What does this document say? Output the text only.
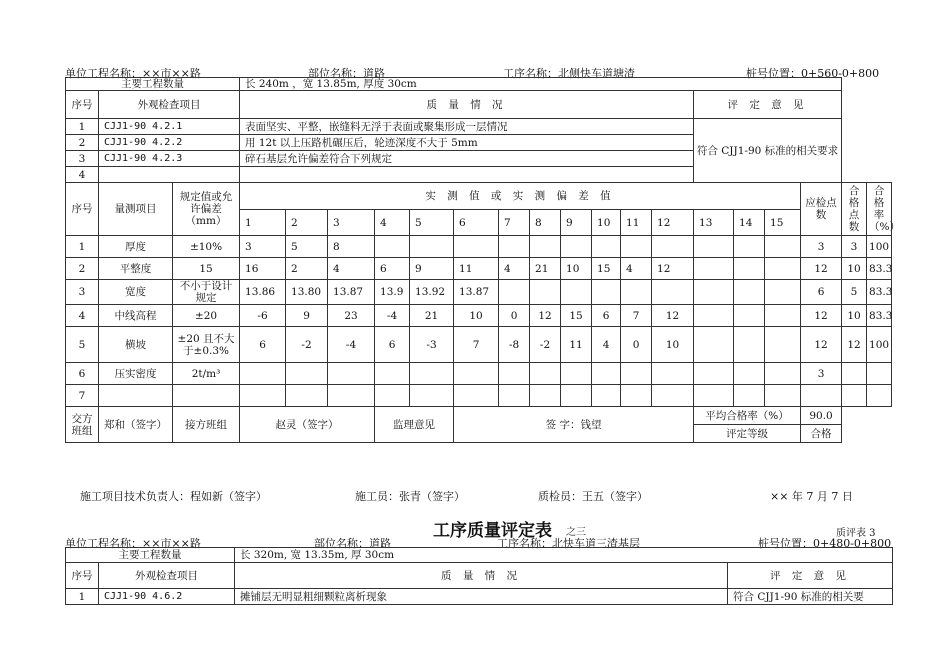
单位工程名称：××市××路	部位名称：道路	工序名称：北侧快车道塘渣	桩号位置：0+560-0+800
主要工程数量			长 240m ，宽 13.85m, 厚度 30cm																	
序号	外观检查项目		质 量 情 况												评 定 意 见					
1	CJJ1-90 4.2.1		表面坚实、平整，嵌缝料无浮于表面或聚集形成一层情况												符合 CJJ1-90 标准的相关要求					
2	CJJ1-90 4.2.2		用 12t 以上压路机碾压后，轮迹深度不大于 5mm																	
3	CJJ1-90 4.2.3		碎石基层允许偏差符合下列规定																	
4																				
序号	量测项目	规定值或允许偏差（mm）	实 测 值 或 实 测 偏 差 值															应检点数	合格点数	合格率（%）
			1	2	3	4	5	6	7	8	9	10	11	12	13	14	15			
1	厚度	±10%	3	5	8													3	3	100
2	平整度	15	16	2	4	6	9	11	4	21	10	15	4	12				12	10	83.3
3	宽度	不小于设计规定	13.86	13.80	13.87	13.9	13.92	13.87										6	5	83.3
4	中线高程	±20	-6	9	23	-4	21	10	0	12	15	6	7	12				12	10	83.3
5	横坡	±20 且不大于±0.3%	6	-2	-4	6	-3	7	-8	-2	11	4	0	10				12	12	100
6	压实密度	2t/m³																3		
7																				
交方班组	郑和（签字）	接方班组	赵灵（签字）			监理意见		签 字：钱望							平均合格率（%）			90.0		
															评定等级			合格		
施工项目技术负责人：程如新（签字）	施工员：张青（签字）	质检员：王五（签字）	×× 年 7 月 7 日
工序质量评定表 之三	质评表 3
单位工程名称：××市××路	部位名称：道路	工序名称：北快车道三渣基层	桩号位置：0+480-0+800
主要工程数量		长 320m, 宽 13.35m, 厚 30cm	
序号	外观检查项目	质 量 情 况	评 定 意 见
1	CJJ1-90 4.6.2	摊铺层无明显粗细颗粒离析现象	符合 CJJ1-90 标准的相关要
